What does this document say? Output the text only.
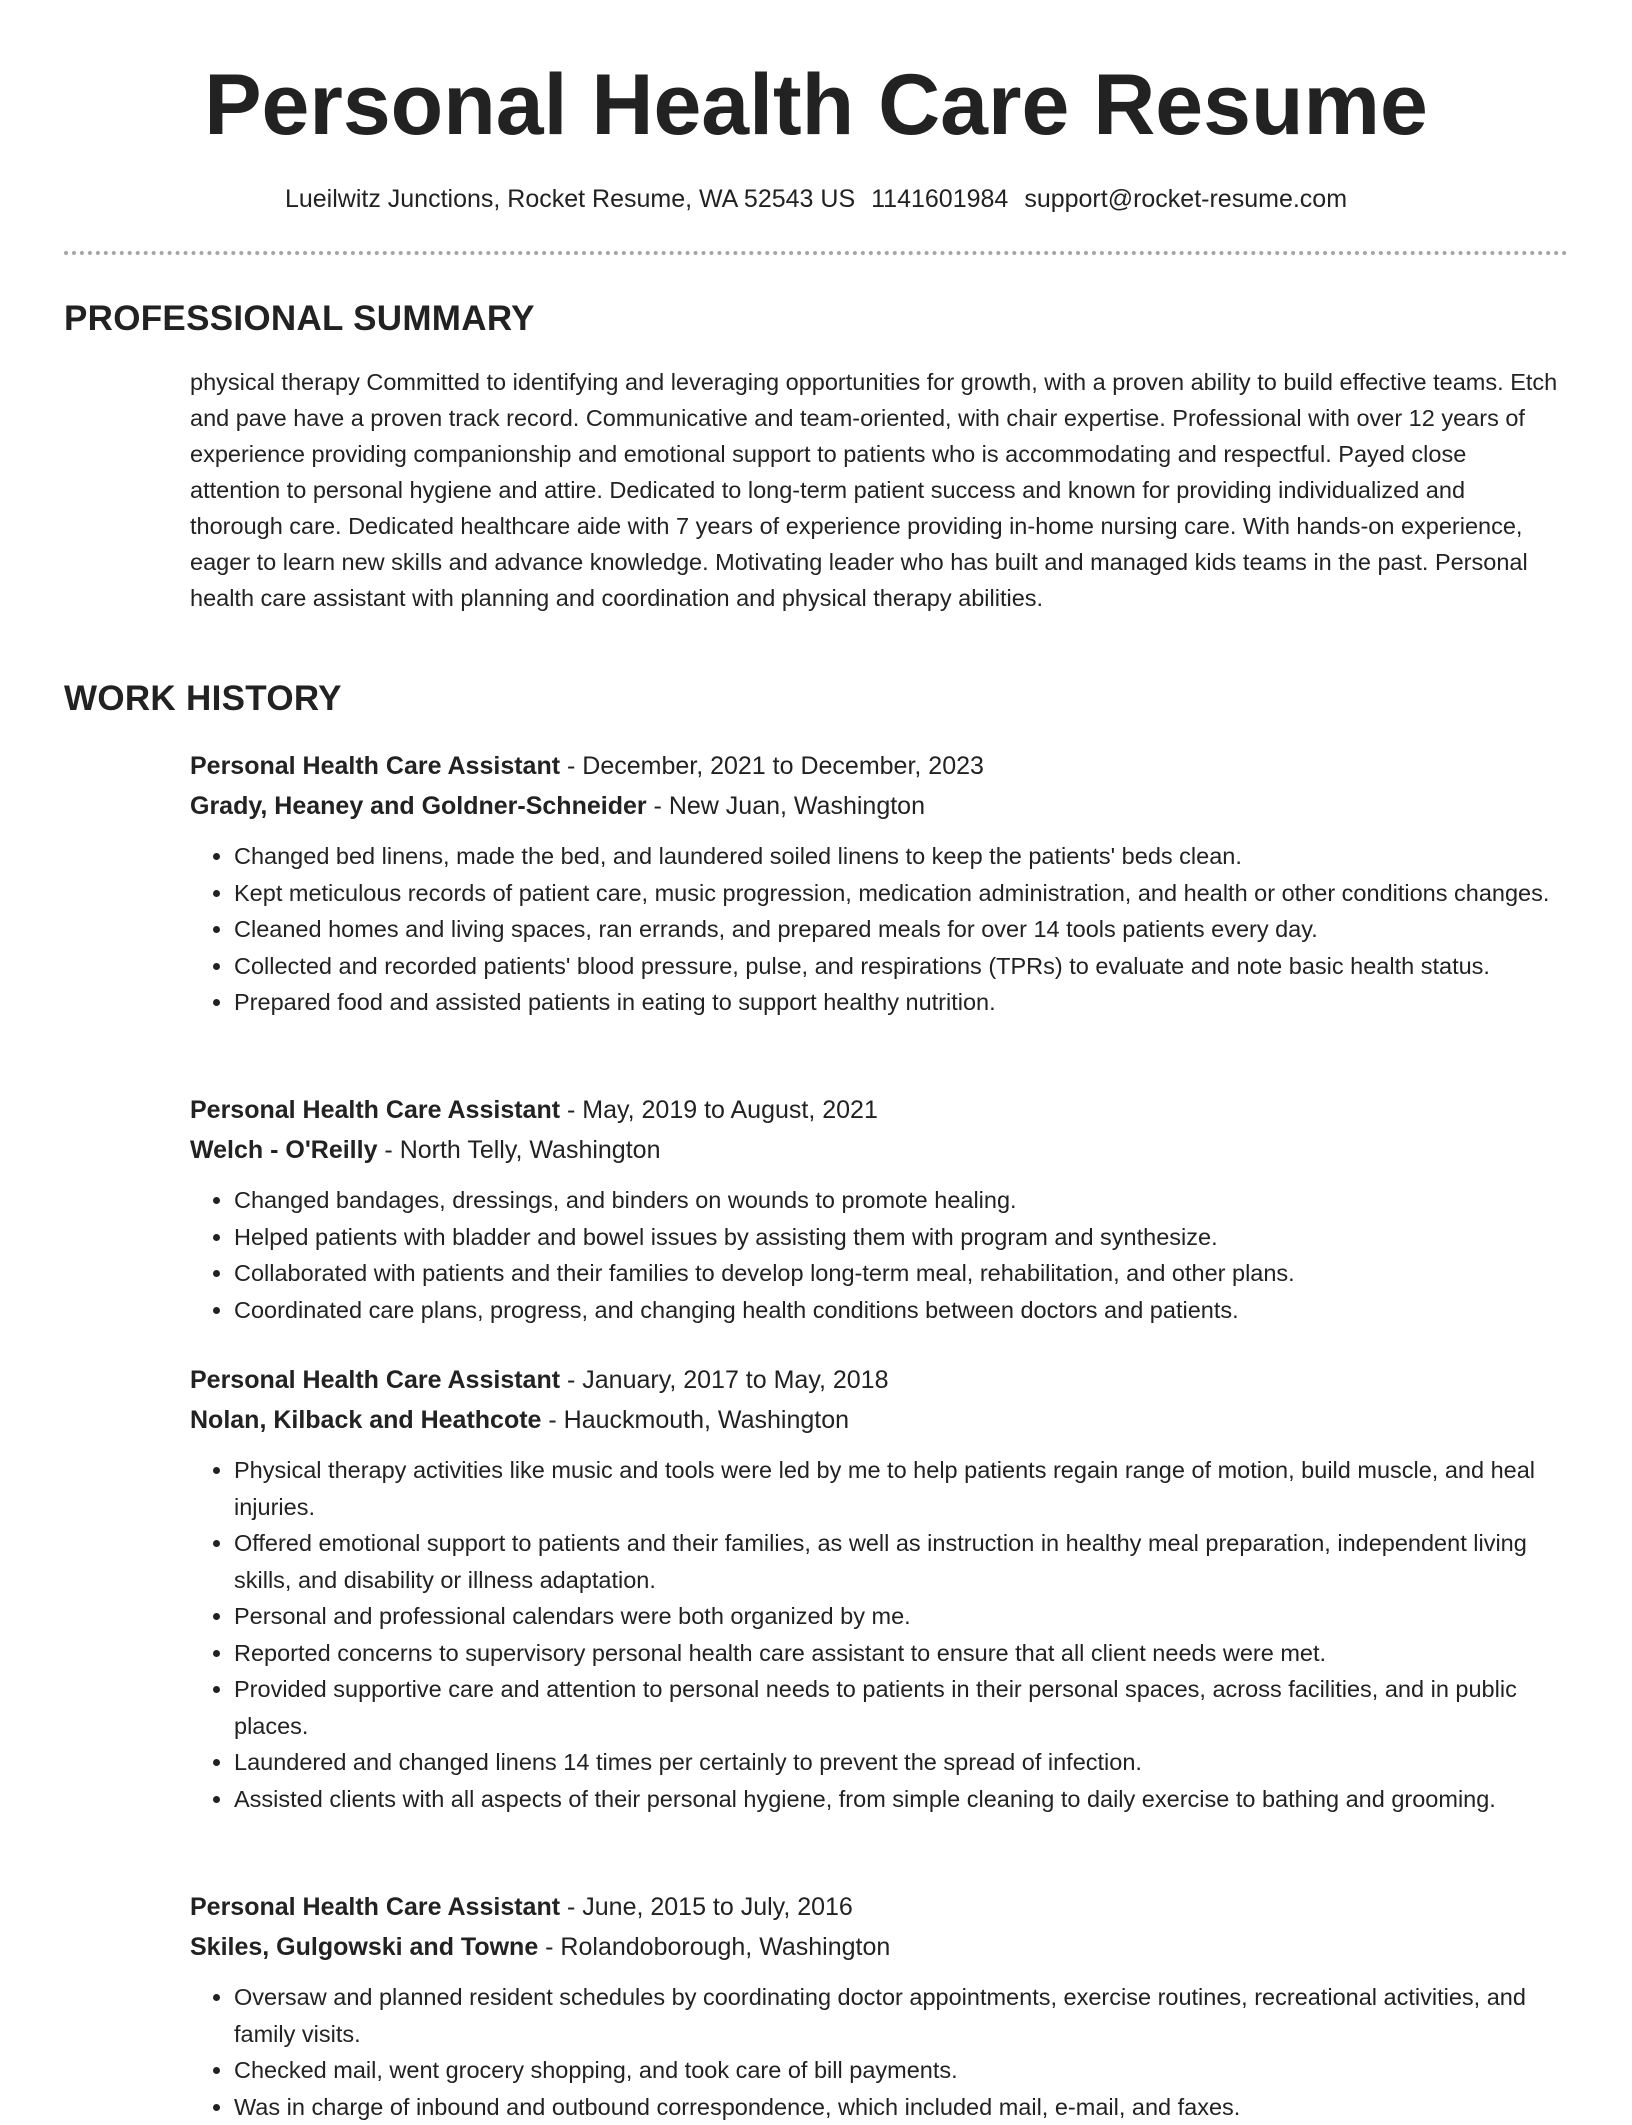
Personal Health Care Resume
Lueilwitz Junctions, Rocket Resume, WA 52543 US 1141601984 support@rocket-resume.com
PROFESSIONAL SUMMARY

physical therapy Committed to identifying and leveraging opportunities for growth, with a proven ability to build effective teams. Etch and pave have a proven track record. Communicative and team-oriented, with chair expertise. Professional with over 12 years of experience providing companionship and emotional support to patients who is accommodating and respectful. Payed close attention to personal hygiene and attire. Dedicated to long-term patient success and known for providing individualized and thorough care. Dedicated healthcare aide with 7 years of experience providing in-home nursing care. With hands-on experience, eager to learn new skills and advance knowledge. Motivating leader who has built and managed kids teams in the past. Personal health care assistant with planning and coordination and physical therapy abilities.

WORK HISTORY
Personal Health Care Assistant - December, 2021 to December, 2023
Grady, Heaney and Goldner-Schneider - New Juan, Washington
• Changed bed linens, made the bed, and laundered soiled linens to keep the patients' beds clean.
• Kept meticulous records of patient care, music progression, medication administration, and health or other conditions changes.
• Cleaned homes and living spaces, ran errands, and prepared meals for over 14 tools patients every day.
• Collected and recorded patients' blood pressure, pulse, and respirations (TPRs) to evaluate and note basic health status.
• Prepared food and assisted patients in eating to support healthy nutrition.
Personal Health Care Assistant - May, 2019 to August, 2021
Welch - O'Reilly - North Telly, Washington
• Changed bandages, dressings, and binders on wounds to promote healing.
• Helped patients with bladder and bowel issues by assisting them with program and synthesize.
• Collaborated with patients and their families to develop long-term meal, rehabilitation, and other plans.
• Coordinated care plans, progress, and changing health conditions between doctors and patients.
Personal Health Care Assistant - January, 2017 to May, 2018
Nolan, Kilback and Heathcote - Hauckmouth, Washington
• Physical therapy activities like music and tools were led by me to help patients regain range of motion, build muscle, and heal injuries.
• Offered emotional support to patients and their families, as well as instruction in healthy meal preparation, independent living skills, and disability or illness adaptation.
• Personal and professional calendars were both organized by me.
• Reported concerns to supervisory personal health care assistant to ensure that all client needs were met.
• Provided supportive care and attention to personal needs to patients in their personal spaces, across facilities, and in public places.
• Laundered and changed linens 14 times per certainly to prevent the spread of infection.
• Assisted clients with all aspects of their personal hygiene, from simple cleaning to daily exercise to bathing and grooming.
Personal Health Care Assistant - June, 2015 to July, 2016
Skiles, Gulgowski and Towne - Rolandoborough, Washington
• Oversaw and planned resident schedules by coordinating doctor appointments, exercise routines, recreational activities, and family visits.
• Checked mail, went grocery shopping, and took care of bill payments.
• Was in charge of inbound and outbound correspondence, which included mail, e-mail, and faxes.
